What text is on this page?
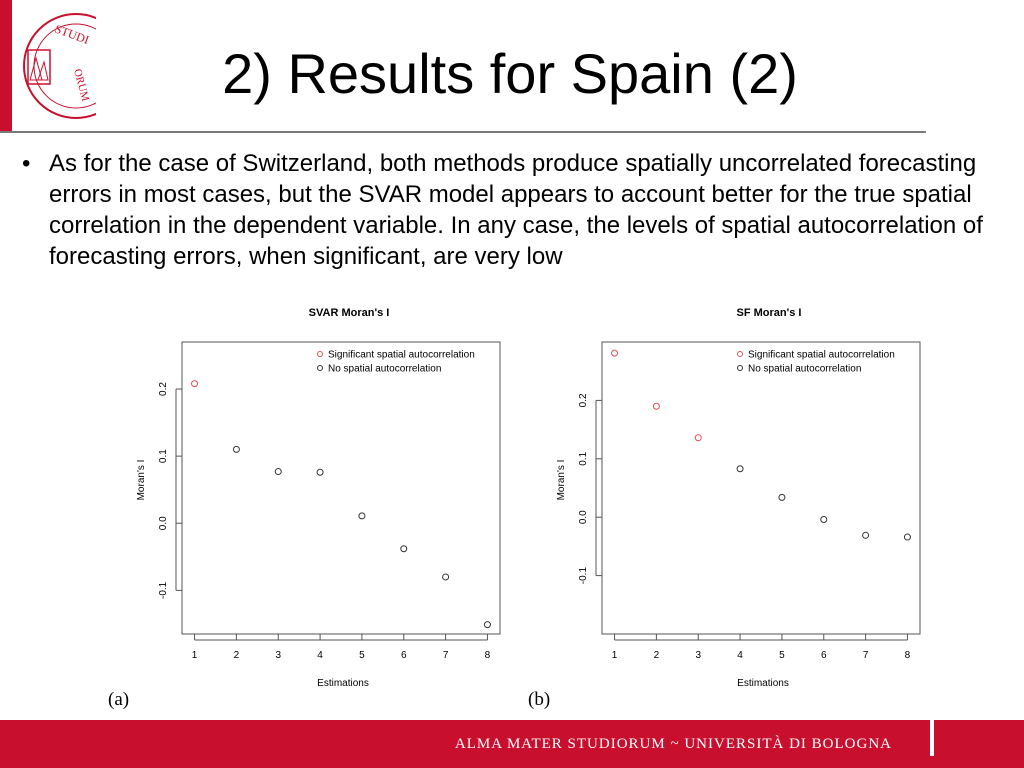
STUDI
ORUM	2) Results for Spain (2)
• As for the case of Switzerland, both methods produce spatially uncorrelated forecasting errors in most cases, but the SVAR model appears to account better for the true spatial correlation in the dependent variable. In any case, the levels of spatial autocorrelation of forecasting errors, when significant, are very low
SVAR Moran's I
1	2	3	4	5	6	7	8
Estimations
-0.1
0.0
0.1
0.2
Moran's I
Significant spatial autocorrelation
No spatial autocorrelation
(a)
SF Moran's I
1	2	3	4	5	6	7	8
Estimations
-0.1
0.0
0.1
0.2
Moran's I
Significant spatial autocorrelation
No spatial autocorrelation
(b)
ALMA MATER STUDIORUM ~ UNIVERSITÀ DI BOLOGNA
